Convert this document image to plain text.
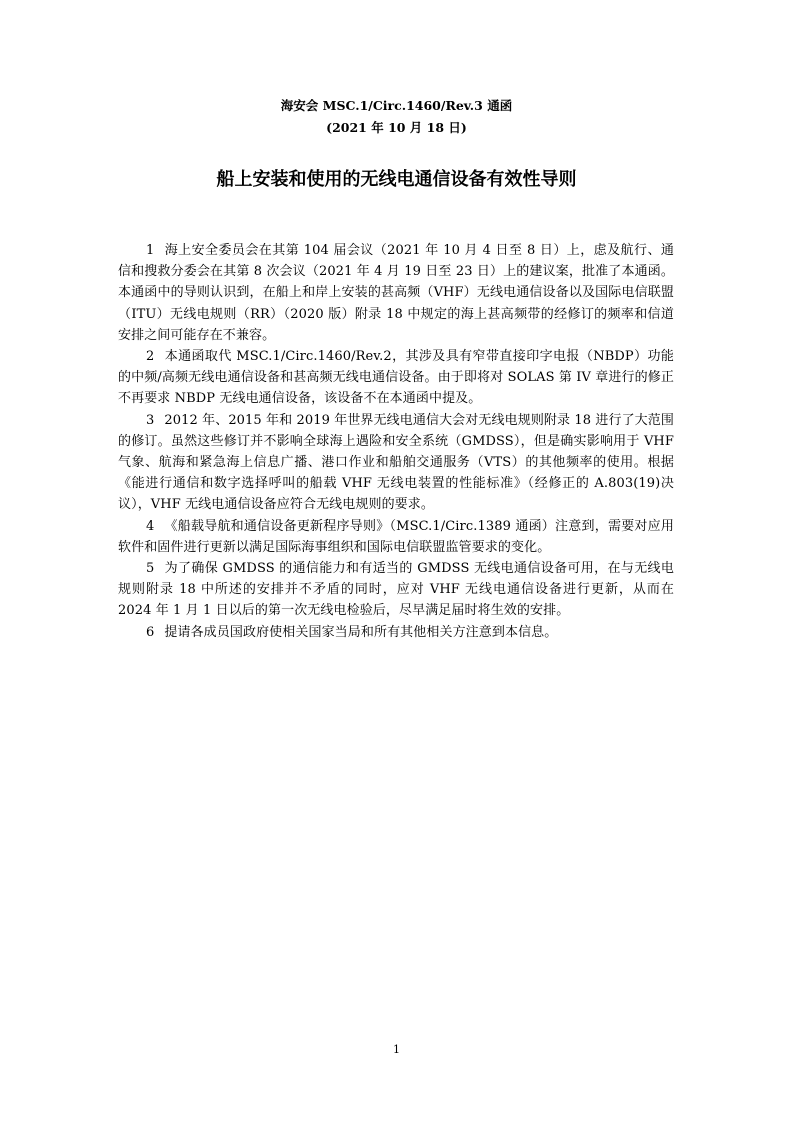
海安会 MSC.1/Circ.1460/Rev.3 通函
(2021 年 10 月 18 日)
船上安装和使用的无线电通信设备有效性导则

1 海上安全委员会在其第 104 届会议（2021 年 10 月 4 日至 8 日）上，虑及航行、通信和搜救分委会在其第 8 次会议（2021 年 4 月 19 日至 23 日）上的建议案，批准了本通函。本通函中的导则认识到，在船上和岸上安装的甚高频（VHF）无线电通信设备以及国际电信联盟（ITU）无线电规则（RR）（2020 版）附录 18 中规定的海上甚高频带的经修订的频率和信道安排之间可能存在不兼容。

2 本通函取代 MSC.1/Circ.1460/Rev.2，其涉及具有窄带直接印字电报（NBDP）功能的中频/高频无线电通信设备和甚高频无线电通信设备。由于即将对 SOLAS 第 IV 章进行的修正不再要求 NBDP 无线电通信设备，该设备不在本通函中提及。

3 2012 年、2015 年和 2019 年世界无线电通信大会对无线电规则附录 18 进行了大范围的修订。虽然这些修订并不影响全球海上遇险和安全系统（GMDSS），但是确实影响用于 VHF 气象、航海和紧急海上信息广播、港口作业和船舶交通服务（VTS）的其他频率的使用。根据《能进行通信和数字选择呼叫的船载 VHF 无线电装置的性能标准》（经修正的 A.803(19)决议），VHF 无线电通信设备应符合无线电规则的要求。

4 《船载导航和通信设备更新程序导则》（MSC.1/Circ.1389 通函）注意到，需要对应用软件和固件进行更新以满足国际海事组织和国际电信联盟监管要求的变化。

5 为了确保 GMDSS 的通信能力和有适当的 GMDSS 无线电通信设备可用，在与无线电规则附录 18 中所述的安排并不矛盾的同时，应对 VHF 无线电通信设备进行更新，从而在 2024 年 1 月 1 日以后的第一次无线电检验后，尽早满足届时将生效的安排。

6 提请各成员国政府使相关国家当局和所有其他相关方注意到本信息。

1
